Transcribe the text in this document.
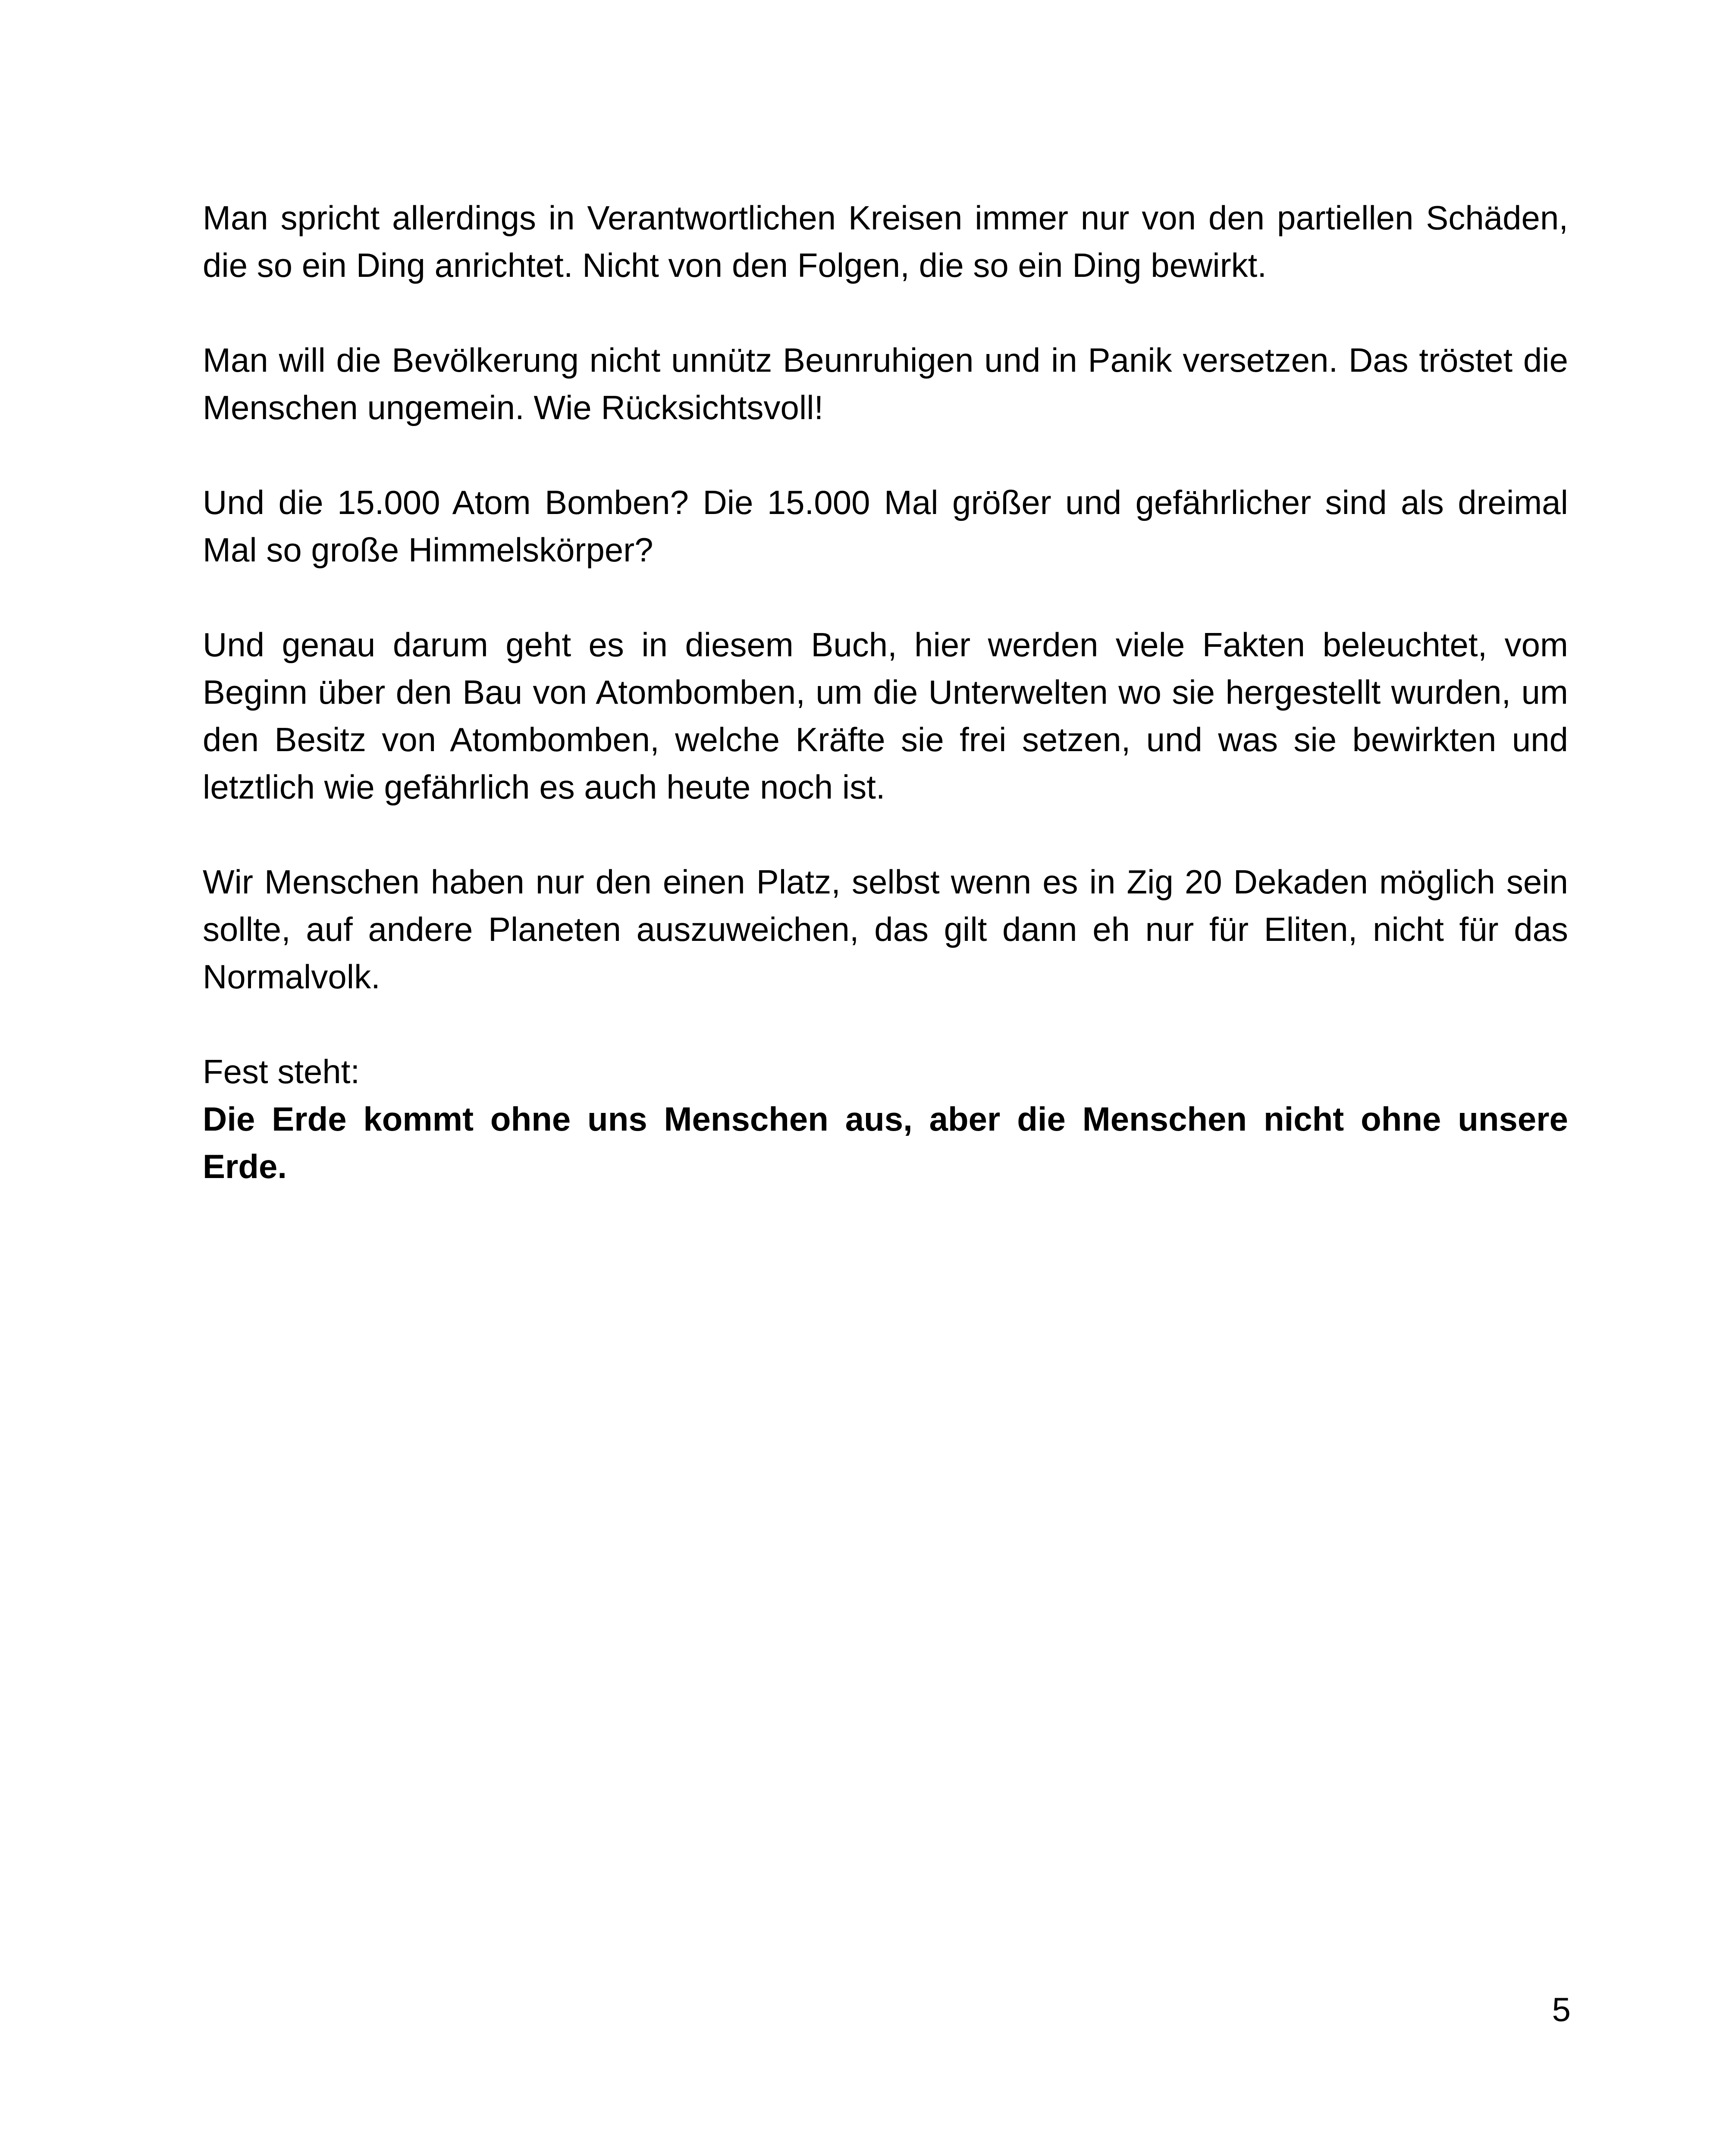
Man spricht allerdings in Verantwortlichen Kreisen immer nur von den partiellen Schäden, die so ein Ding anrichtet. Nicht von den Folgen, die so ein Ding bewirkt.

Man will die Bevölkerung nicht unnütz Beunruhigen und in Panik versetzen. Das tröstet die Menschen ungemein. Wie Rücksichtsvoll!

Und die 15.000 Atom Bomben? Die 15.000 Mal größer und gefährlicher sind als dreimal Mal so große Himmelskörper?

Und genau darum geht es in diesem Buch, hier werden viele Fakten beleuchtet, vom Beginn über den Bau von Atombomben, um die Unterwelten wo sie hergestellt wurden, um den Besitz von Atombomben, welche Kräfte sie frei setzen, und was sie bewirkten und letztlich wie gefährlich es auch heute noch ist.

Wir Menschen haben nur den einen Platz, selbst wenn es in Zig 20 Dekaden möglich sein sollte, auf andere Planeten auszuweichen, das gilt dann eh nur für Eliten, nicht für das Normalvolk.

Fest steht:
Die Erde kommt ohne uns Menschen aus, aber die Menschen nicht ohne unsere Erde.
5
